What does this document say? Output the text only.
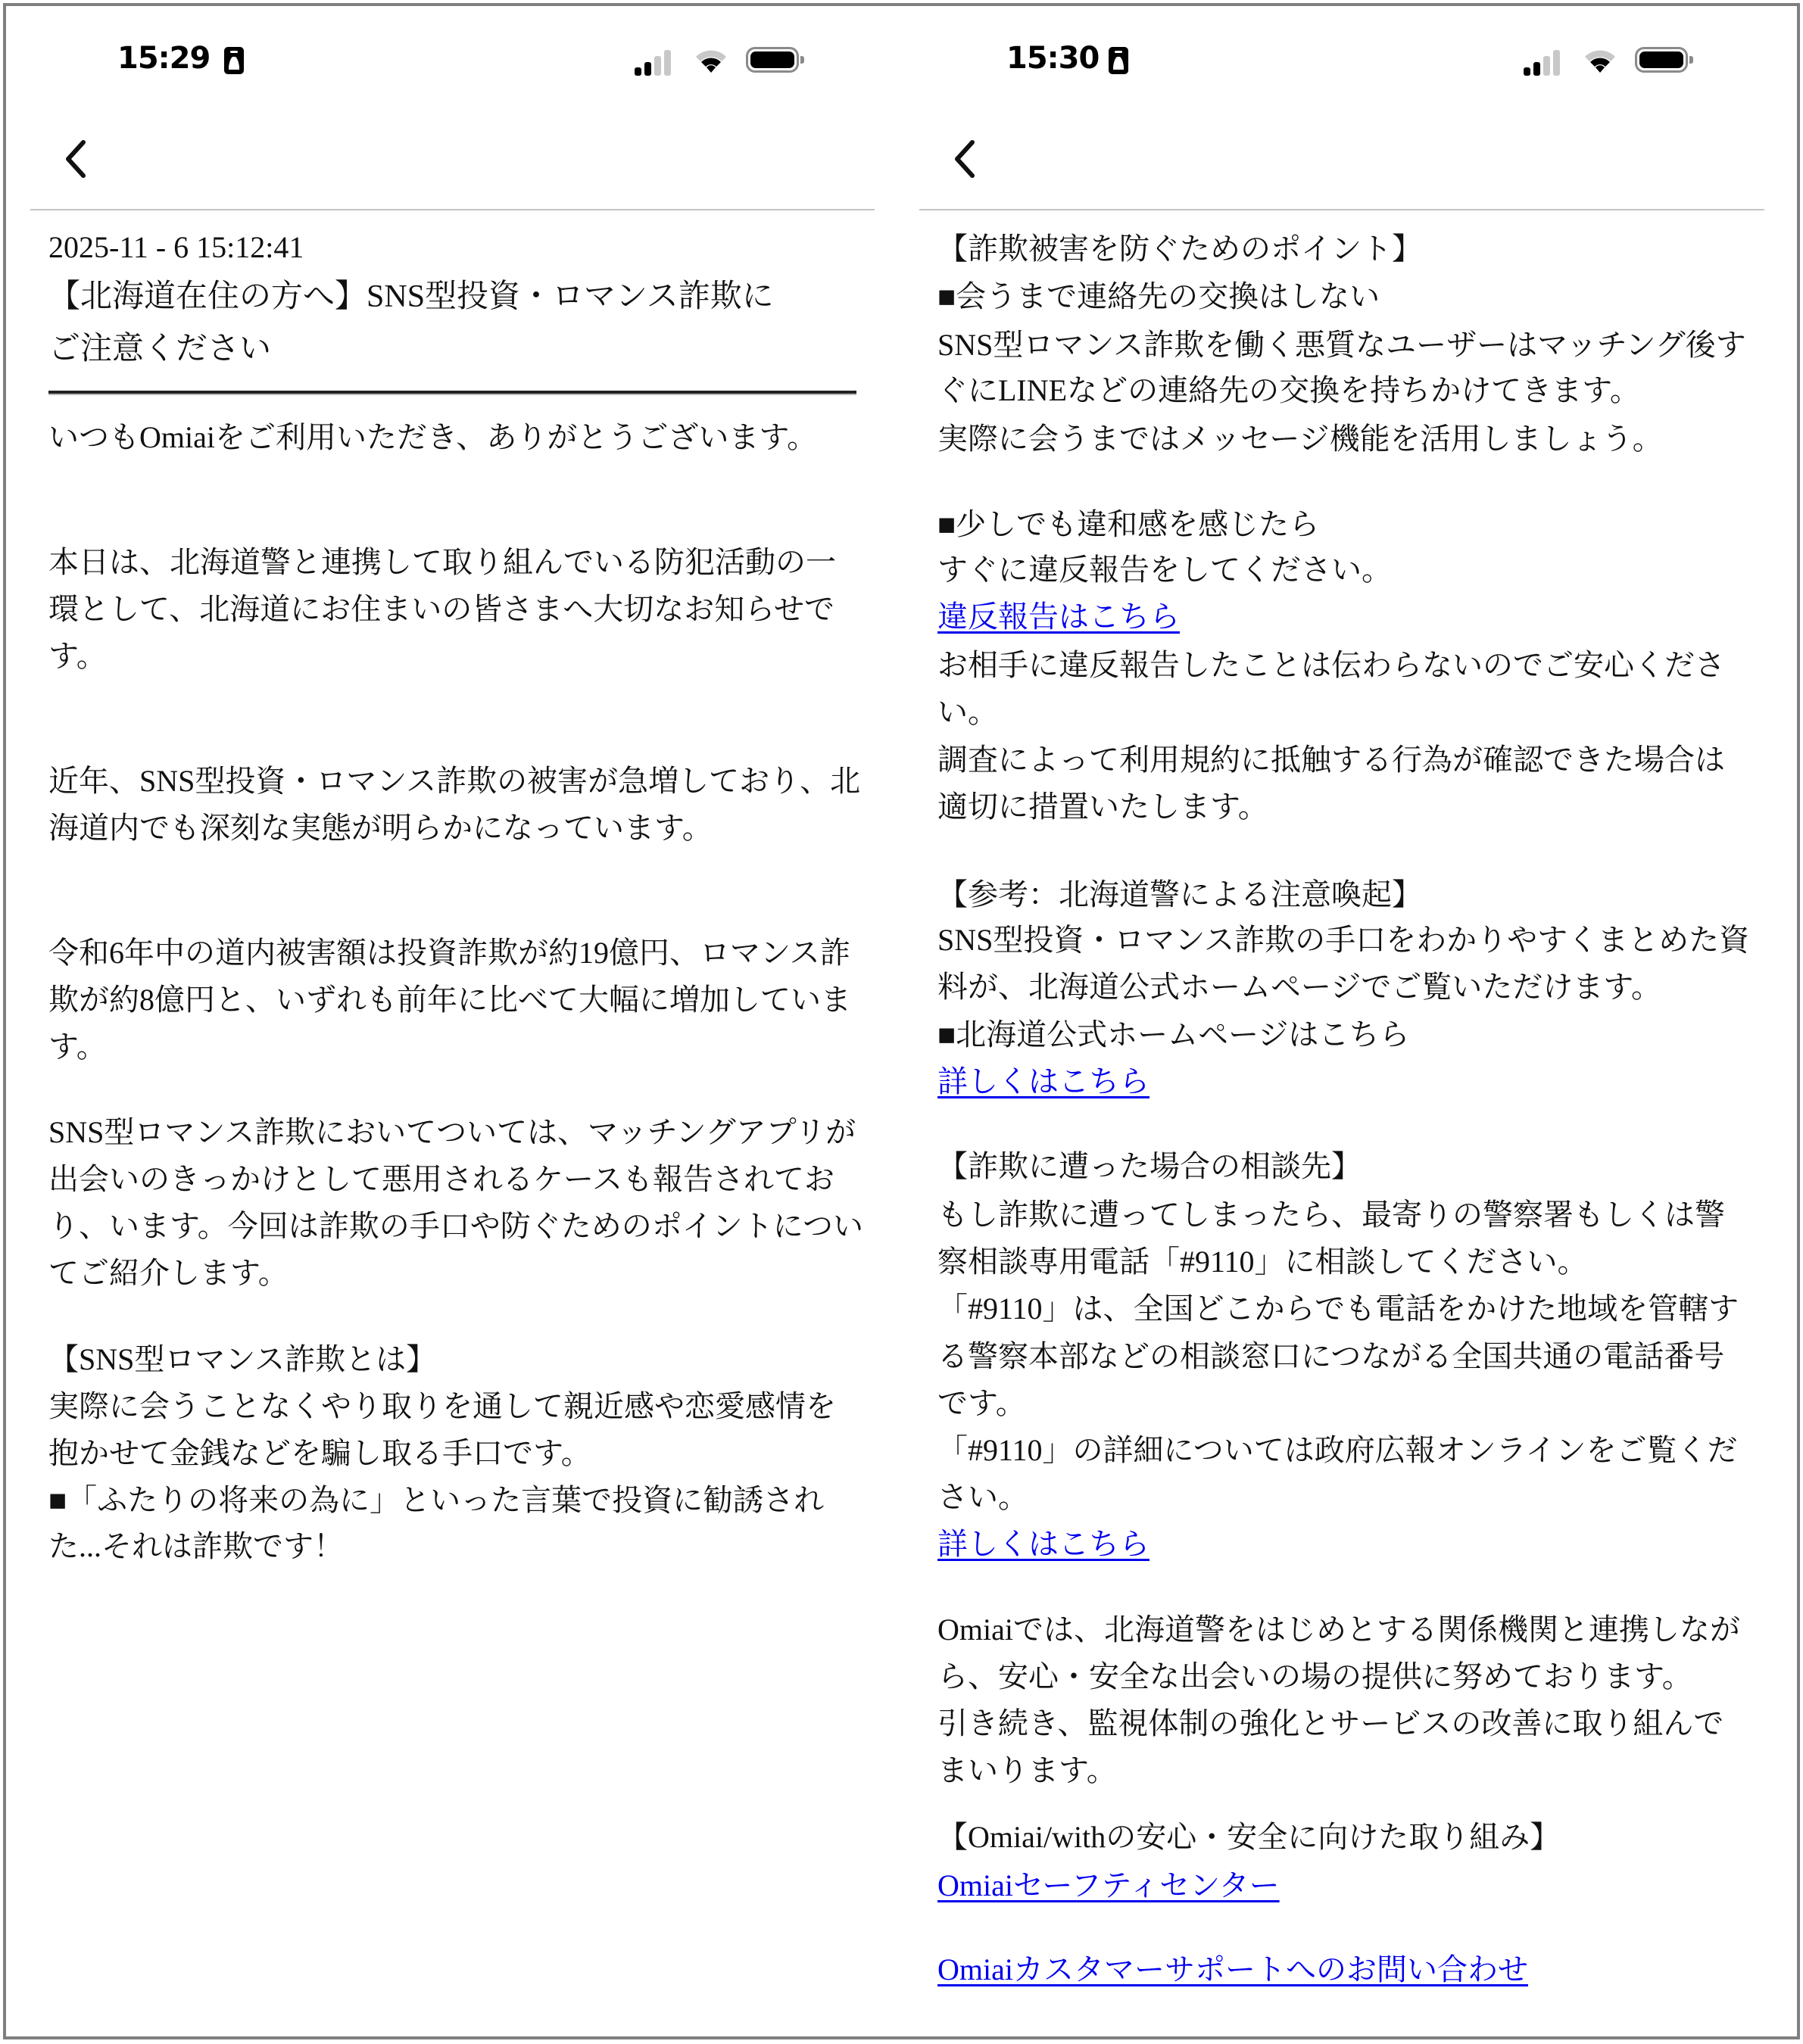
15:29
2025-11 - 6 15:12:41
【北海道在住の方へ】SNS型投資・ロマンス詐欺に
ご注意ください
いつもOmiaiをご利用いただき、ありがとうございます。
本日は、北海道警と連携して取り組んでいる防犯活動の一
環として、北海道にお住まいの皆さまへ大切なお知らせで
す。
近年、SNS型投資・ロマンス詐欺の被害が急増しており、北
海道内でも深刻な実態が明らかになっています。
令和6年中の道内被害額は投資詐欺が約19億円、ロマンス詐
欺が約8億円と、いずれも前年に比べて大幅に増加していま
す。
SNS型ロマンス詐欺においてついては、マッチングアプリが
出会いのきっかけとして悪用されるケースも報告されてお
り、います。今回は詐欺の手口や防ぐためのポイントについ
てご紹介します。
【SNS型ロマンス詐欺とは】
実際に会うことなくやり取りを通して親近感や恋愛感情を
抱かせて金銭などを騙し取る手口です。
■「ふたりの将来の為に」といった言葉で投資に勧誘され
た...それは詐欺です！
15:30
【詐欺被害を防ぐためのポイント】
■会うまで連絡先の交換はしない
SNS型ロマンス詐欺を働く悪質なユーザーはマッチング後す
ぐにLINEなどの連絡先の交換を持ちかけてきます。
実際に会うまではメッセージ機能を活用しましょう。
■少しでも違和感を感じたら
すぐに違反報告をしてください。
違反報告はこちら
お相手に違反報告したことは伝わらないのでご安心くださ
い。
調査によって利用規約に抵触する行為が確認できた場合は
適切に措置いたします。
【参考：北海道警による注意喚起】
SNS型投資・ロマンス詐欺の手口をわかりやすくまとめた資
料が、北海道公式ホームページでご覧いただけます。
■北海道公式ホームページはこちら
詳しくはこちら
【詐欺に遭った場合の相談先】
もし詐欺に遭ってしまったら、最寄りの警察署もしくは警
察相談専用電話「#9110」に相談してください。
「#9110」は、全国どこからでも電話をかけた地域を管轄す
る警察本部などの相談窓口につながる全国共通の電話番号
です。
「#9110」の詳細については政府広報オンラインをご覧くだ
さい。
詳しくはこちら
Omiaiでは、北海道警をはじめとする関係機関と連携しなが
ら、安心・安全な出会いの場の提供に努めております。
引き続き、監視体制の強化とサービスの改善に取り組んで
まいります。
【Omiai/withの安心・安全に向けた取り組み】
Omiaiセーフティセンター
Omiaiカスタマーサポートへのお問い合わせ
